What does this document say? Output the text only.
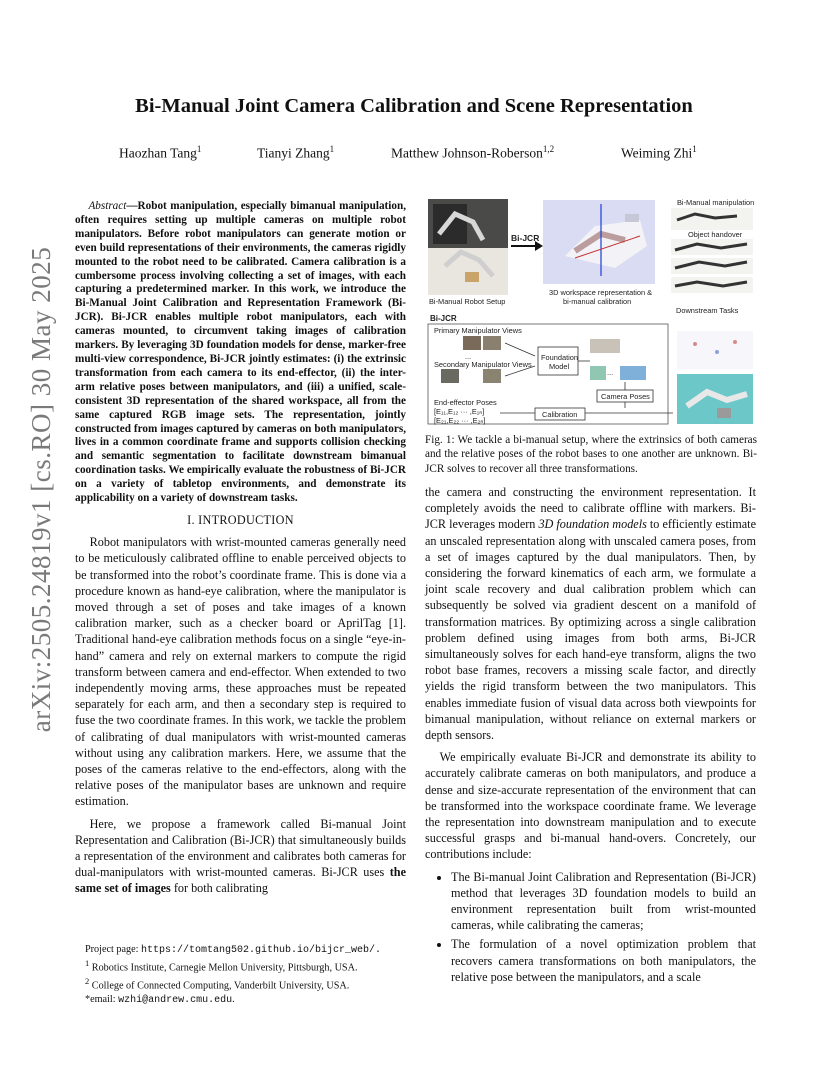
arXiv:2505.24819v1 [cs.RO] 30 May 2025
Bi-Manual Joint Camera Calibration and Scene Representation
Haozhan Tang$^1$	Tianyi Zhang$^1$	Matthew Johnson-Roberson$^{1,2}$	Weiming Zhi$^1$

Abstract—Robot manipulation, especially bimanual manipulation, often requires setting up multiple cameras on multiple robot manipulators. Before robot manipulators can generate motion or even build representations of their environments, the cameras rigidly mounted to the robot need to be calibrated. Camera calibration is a cumbersome process involving collecting a set of images, with each capturing a predetermined marker. In this work, we introduce the Bi-Manual Joint Calibration and Representation Framework (Bi-JCR). Bi-JCR enables multiple robot manipulators, each with cameras mounted, to circumvent taking images of calibration markers. By leveraging 3D foundation models for dense, marker-free multi-view correspondence, Bi-JCR jointly estimates: (i) the extrinsic transformation from each camera to its end-effector, (ii) the inter-arm relative poses between manipulators, and (iii) a unified, scale-consistent 3D representation of the shared workspace, all from the same captured RGB image sets. The representation, jointly constructed from images captured by cameras on both manipulators, lives in a common coordinate frame and supports collision checking and semantic segmentation to facilitate downstream bimanual coordination tasks. We empirically evaluate the robustness of Bi-JCR on a variety of tabletop environments, and demonstrate its applicability on a variety of downstream tasks.

I. INTRODUCTION

Robot manipulators with wrist-mounted cameras generally need to be meticulously calibrated offline to enable perceived objects to be transformed into the robot’s coordinate frame. This is done via a procedure known as hand-eye calibration, where the manipulator is moved through a set of poses and take images of a known calibration marker, such as a checker board or AprilTag [1]. Traditional hand-eye calibration methods focus on a single “eye-in-hand” camera and rely on external markers to compute the rigid transform between camera and end-effector. When extended to two independently moving arms, these approaches must be repeated separately for each arm, and then a secondary step is required to fuse the two coordinate frames. In this work, we tackle the problem of calibrating of dual manipulators with wrist-mounted cameras without using any calibration markers. Here, we assume that the poses of the cameras relative to the end-effectors, along with the relative poses of the manipulator bases are unknown and require estimation.

Here, we propose a framework called Bi-manual Joint Representation and Calibration (Bi-JCR) that simultaneously builds a representation of the environment and calibrates both cameras for dual-manipulators with wrist-mounted cameras. Bi-JCR uses the same set of images for both calibrating

Project page: https://tomtang502.github.io/bijcr_web/.
$^1$ Robotics Institute, Carnegie Mellon University, Pittsburgh, USA.
$^2$ College of Connected Computing, Vanderbilt University, USA.
*email: wzhi@andrew.cmu.edu.
Bi-Manual Robot Setup
Bi-JCR
3D workspace representation &
bi-manual calibration
Bi-Manual manipulation
Object handover
Downstream Tasks
Bi-JCR
Primary Manipulator Views
Secondary Manipulator Views
End-effector Poses
[E₁₁,E₁₂ ··· ,E₁ₙ]
[E₂₁,E₂₂ ··· ,E₂ₙ]
Foundation
Model
Camera Poses
Calibration
...
...
Fig. 1: We tackle a bi-manual setup, where the extrinsics of both cameras and the relative poses of the robot bases to one another are unknown. Bi-JCR solves to recover all three transformations.

the camera and constructing the environment representation. It completely avoids the need to calibrate offline with markers. Bi-JCR leverages modern 3D foundation models to efficiently estimate an unscaled representation along with unscaled camera poses, from a set of images captured by the dual manipulators. Then, by considering the forward kinematics of each arm, we formulate a joint scale recovery and dual calibration problem which can subsequently be solved via gradient descent on a manifold of transformation matrices. By optimizing across a single calibration problem defined using images from both arms, Bi-JCR simultaneously solves for each hand-eye transform, aligns the two robot base frames, recovers a missing scale factor, and directly yields the rigid transform between the two manipulators. This enables immediate fusion of visual data across both viewpoints for bimanual manipulation, without reliance on external markers or depth sensors.

We empirically evaluate Bi-JCR and demonstrate its ability to accurately calibrate cameras on both manipulators, and produce a dense and size-accurate representation of the environment that can be transformed into the workspace coordinate frame. We leverage the representation into downstream manipulation and to execute successful grasps and bi-manual hand-overs. Concretely, our contributions include:

• The Bi-manual Joint Calibration and Representation (Bi-JCR) method that leverages 3D foundation models to build an environment representation built from wrist-mounted cameras, while calibrating the cameras;
• The formulation of a novel optimization problem that recovers camera transformations on both manipulators, the relative pose between the manipulators, and a scale
